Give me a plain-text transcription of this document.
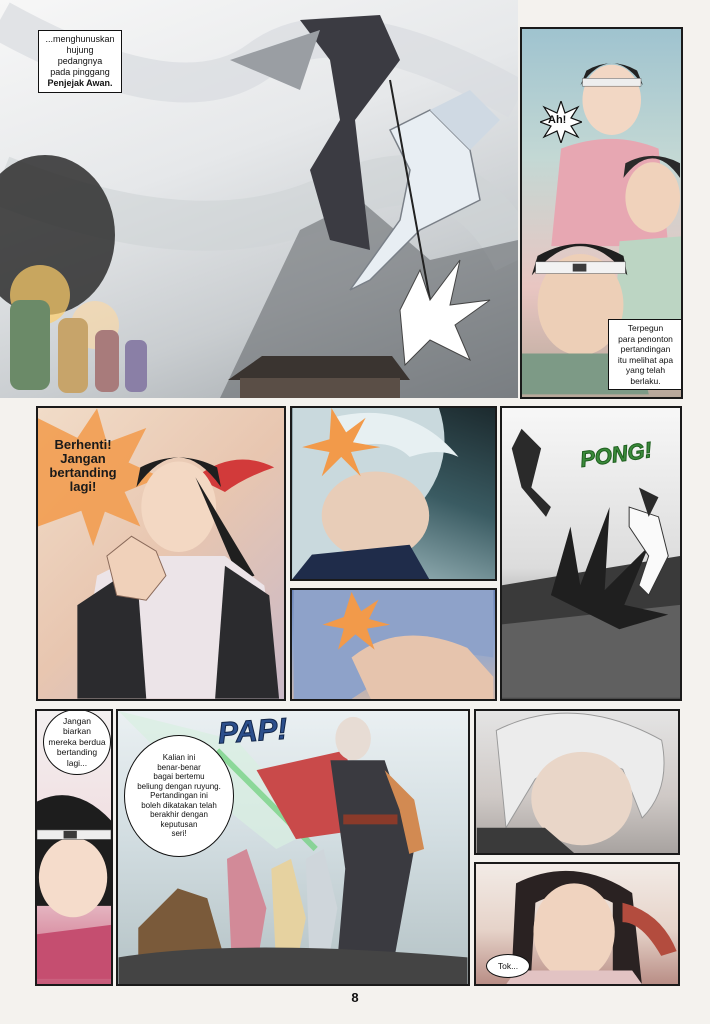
...menghunuskan
hujung pedangnya
pada pinggang
Penjejak Awan.
Ah!
Terpegun
para penonton
pertandingan
itu melihat apa
yang telah
berlaku.
Berhenti!
Jangan
bertanding
lagi!
PONG!
Jangan
biarkan
mereka berdua
bertanding
lagi...
PAP!
Kalian ini
benar-benar
bagai bertemu
beliung dengan ruyung.
Pertandingan ini
boleh dikatakan telah
berakhir dengan
keputusan
seri!
Tok...
8
